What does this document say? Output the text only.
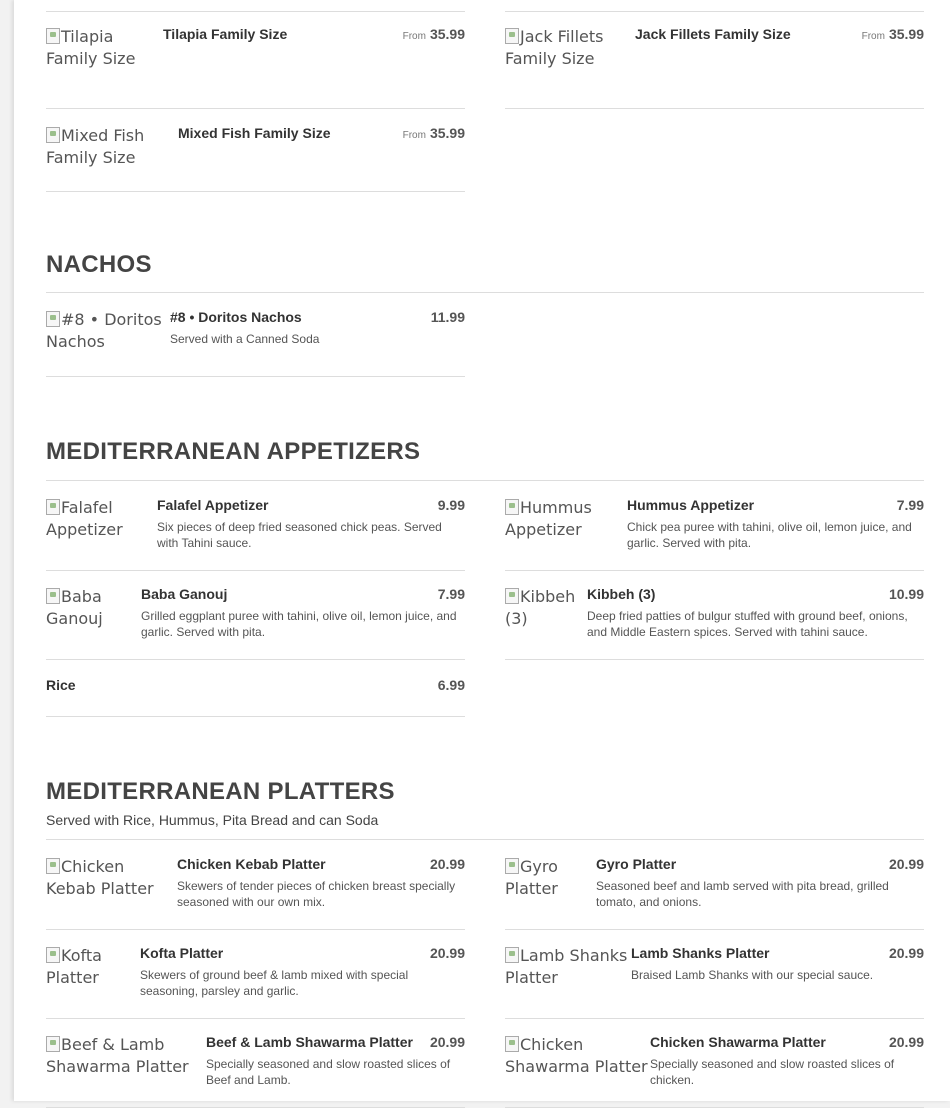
Tilapia Family Size
Tilapia Family Size	From 35.99	Jack Fillets Family Size
Jack Fillets Family Size	From 35.99
Mixed Fish Family Size
Mixed Fish Family Size	From 35.99
NACHOS
#8 • Doritos Nachos
#8 • Doritos Nachos	11.99
Served with a Canned Soda
MEDITERRANEAN APPETIZERS
Falafel Appetizer
Falafel Appetizer	9.99
Six pieces of deep fried seasoned chick peas. Served with Tahini sauce.
Hummus Appetizer
Hummus Appetizer	7.99
Chick pea puree with tahini, olive oil, lemon juice, and garlic. Served with pita.
Baba Ganouj
Baba Ganouj	7.99
Grilled eggplant puree with tahini, olive oil, lemon juice, and garlic. Served with pita.
Kibbeh (3)
Kibbeh (3)	10.99
Deep fried patties of bulgur stuffed with ground beef, onions, and Middle Eastern spices. Served with tahini sauce.
Rice	6.99
MEDITERRANEAN PLATTERS
Served with Rice, Hummus, Pita Bread and can Soda
Chicken Kebab Platter
Chicken Kebab Platter	20.99
Skewers of tender pieces of chicken breast specially seasoned with our own mix.
Gyro Platter
Gyro Platter	20.99
Seasoned beef and lamb served with pita bread, grilled tomato, and onions.
Kofta Platter
Kofta Platter	20.99
Skewers of ground beef & lamb mixed with special seasoning, parsley and garlic.
Lamb Shanks Platter
Lamb Shanks Platter	20.99
Braised Lamb Shanks with our special sauce.
Beef & Lamb Shawarma Platter
Beef & Lamb Shawarma Platter 20.99
Specially seasoned and slow roasted slices of Beef and Lamb.
Chicken Shawarma Platter
Chicken Shawarma Platter	20.99
Specially seasoned and slow roasted slices of chicken.
